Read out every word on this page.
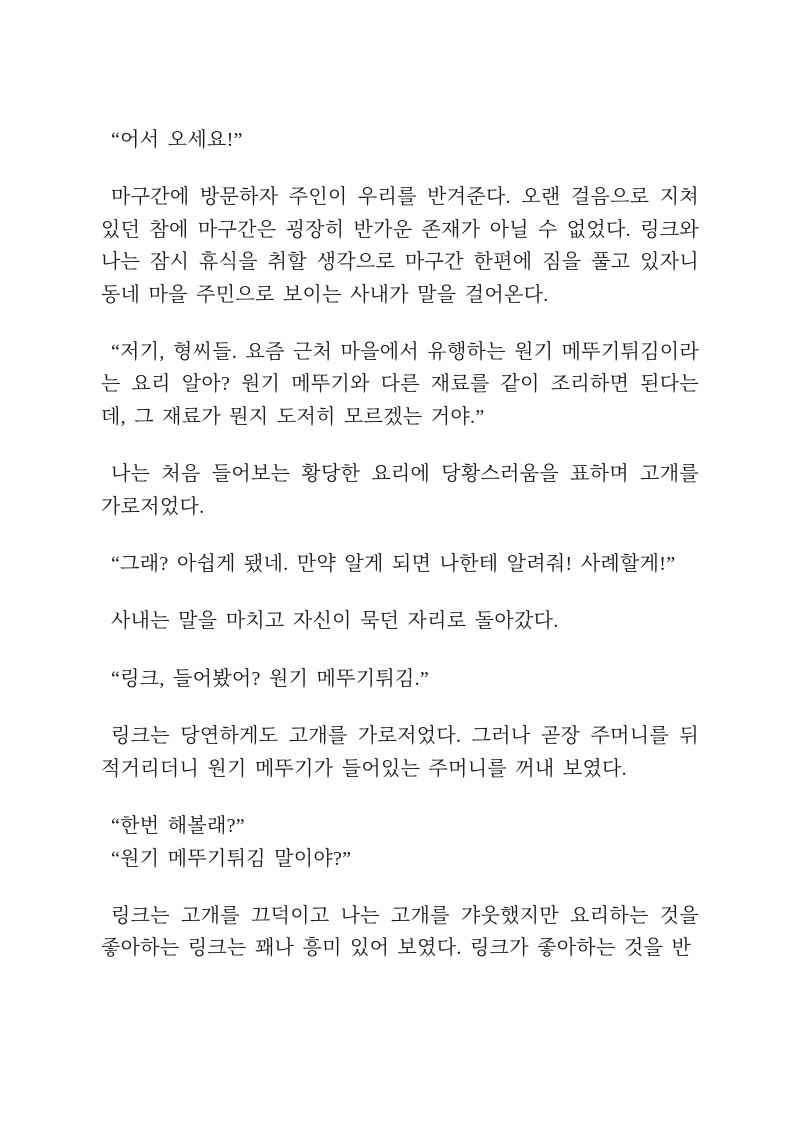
“어서 오세요!”

마구간에 방문하자 주인이 우리를 반겨준다. 오랜 걸음으로 지쳐있던 참에 마구간은 굉장히 반가운 존재가 아닐 수 없었다. 링크와 나는 잠시 휴식을 취할 생각으로 마구간 한편에 짐을 풀고 있자니 동네 마을 주민으로 보이는 사내가 말을 걸어온다.

“저기, 형씨들. 요즘 근처 마을에서 유행하는 원기 메뚜기튀김이라는 요리 알아? 원기 메뚜기와 다른 재료를 같이 조리하면 된다는데, 그 재료가 뭔지 도저히 모르겠는 거야.”

나는 처음 들어보는 황당한 요리에 당황스러움을 표하며 고개를 가로저었다.

“그래? 아쉽게 됐네. 만약 알게 되면 나한테 알려줘! 사례할게!”

사내는 말을 마치고 자신이 묵던 자리로 돌아갔다.

“링크, 들어봤어? 원기 메뚜기튀김.”

링크는 당연하게도 고개를 가로저었다. 그러나 곧장 주머니를 뒤적거리더니 원기 메뚜기가 들어있는 주머니를 꺼내 보였다.

“한번 해볼래?”

“원기 메뚜기튀김 말이야?”

링크는 고개를 끄덕이고 나는 고개를 갸웃했지만 요리하는 것을 좋아하는 링크는 꽤나 흥미 있어 보였다. 링크가 좋아하는 것을 반
